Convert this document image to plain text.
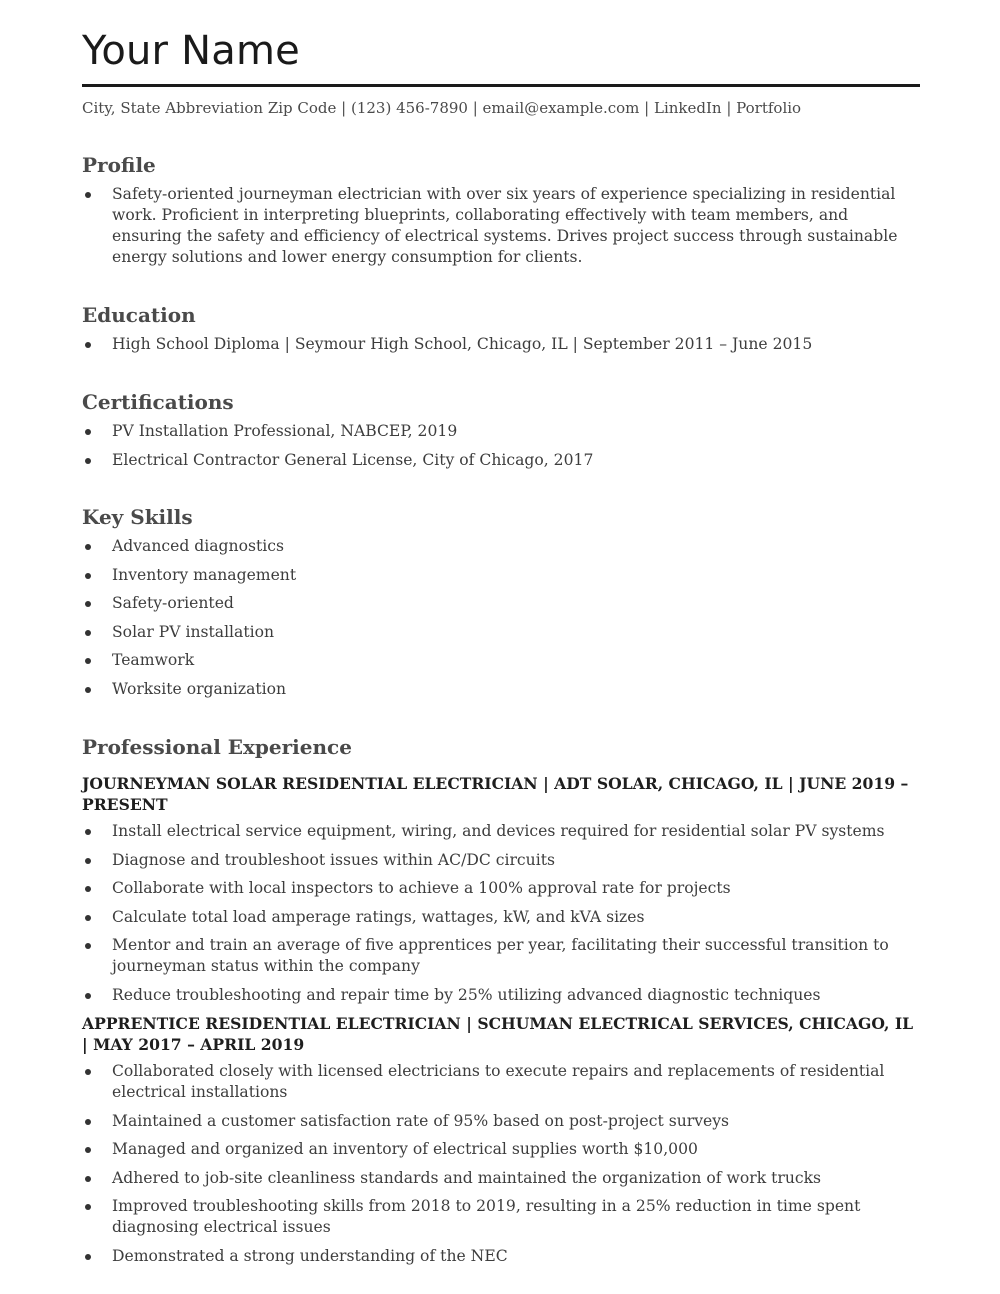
Your Name
City, State Abbreviation Zip Code | (123) 456-7890 | email@example.com | LinkedIn | Portfolio
Profile
Safety-oriented journeyman electrician with over six years of experience specializing in residential work. Proficient in interpreting blueprints, collaborating effectively with team members, and ensuring the safety and efficiency of electrical systems. Drives project success through sustainable energy solutions and lower energy consumption for clients.
Education
High School Diploma | Seymour High School, Chicago, IL | September 2011 – June 2015
Certifications
PV Installation Professional, NABCEP, 2019
Electrical Contractor General License, City of Chicago, 2017
Key Skills
Advanced diagnostics
Inventory management
Safety-oriented
Solar PV installation
Teamwork
Worksite organization
Professional Experience
JOURNEYMAN SOLAR RESIDENTIAL ELECTRICIAN | ADT SOLAR, CHICAGO, IL | JUNE 2019 – PRESENT
Install electrical service equipment, wiring, and devices required for residential solar PV systems
Diagnose and troubleshoot issues within AC/DC circuits
Collaborate with local inspectors to achieve a 100% approval rate for projects
Calculate total load amperage ratings, wattages, kW, and kVA sizes
Mentor and train an average of five apprentices per year, facilitating their successful transition to journeyman status within the company
Reduce troubleshooting and repair time by 25% utilizing advanced diagnostic techniques
APPRENTICE RESIDENTIAL ELECTRICIAN | SCHUMAN ELECTRICAL SERVICES, CHICAGO, IL | MAY 2017 – APRIL 2019
Collaborated closely with licensed electricians to execute repairs and replacements of residential electrical installations
Maintained a customer satisfaction rate of 95% based on post-project surveys
Managed and organized an inventory of electrical supplies worth $10,000
Adhered to job-site cleanliness standards and maintained the organization of work trucks
Improved troubleshooting skills from 2018 to 2019, resulting in a 25% reduction in time spent diagnosing electrical issues
Demonstrated a strong understanding of the NEC
